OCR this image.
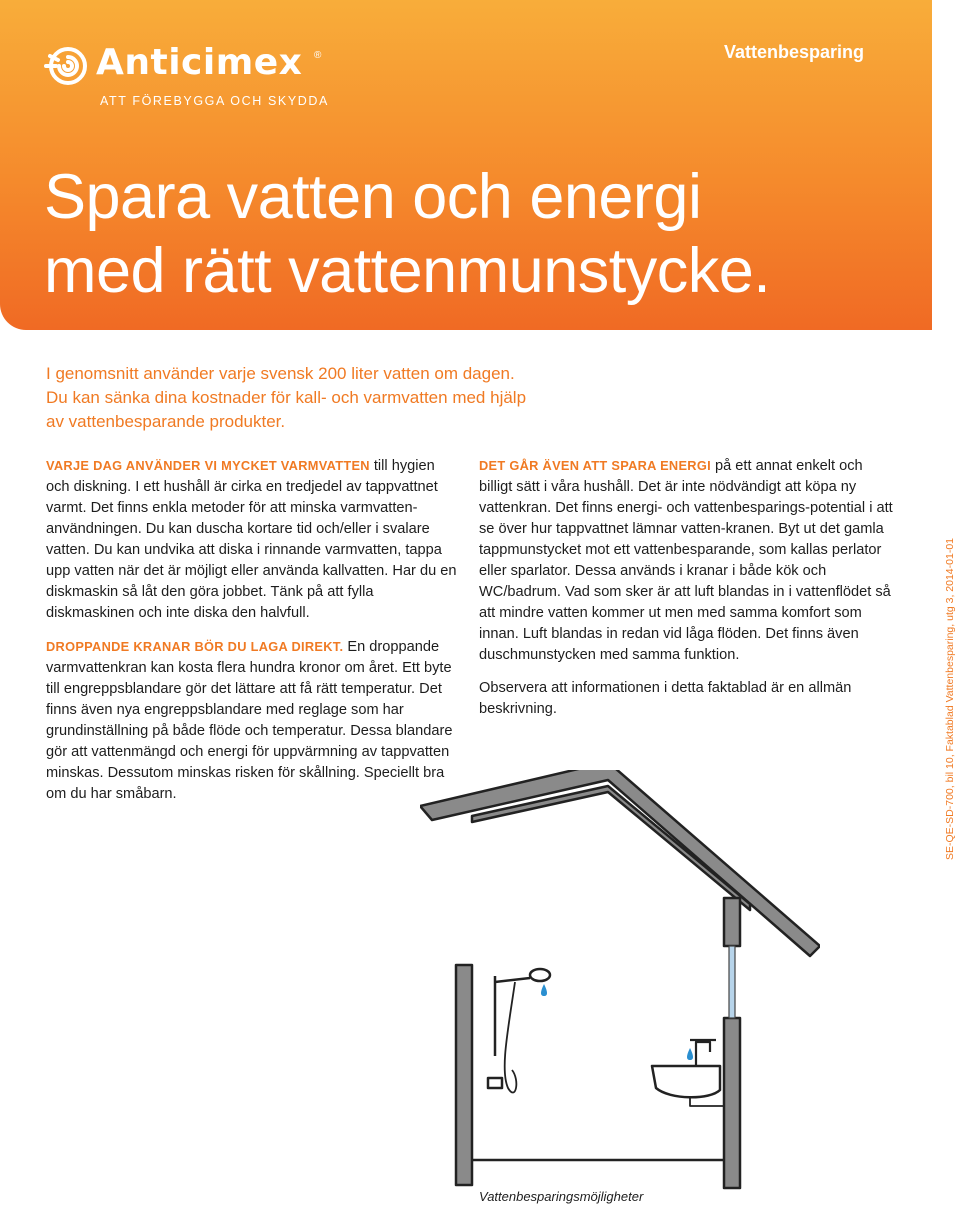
Anticimex ®
ATT FÖREBYGGA OCH SKYDDA
Vattenbesparing
Spara vatten och energi
med rätt vattenmunstycke.
I genomsnitt använder varje svensk 200 liter vatten om dagen.
Du kan sänka dina kostnader för kall- och varmvatten med hjälp
av vattenbesparande produkter.

VARJE DAG ANVÄNDER VI MYCKET VARMVATTEN till hygien och diskning. I ett hushåll är cirka en tredjedel av tappvattnet varmt. Det finns enkla metoder för att minska varmvatten-användningen. Du kan duscha kortare tid och/eller i svalare vatten. Du kan undvika att diska i rinnande varmvatten, tappa upp vatten när det är möjligt eller använda kallvatten. Har du en diskmaskin så låt den göra jobbet. Tänk på att fylla diskmaskinen och inte diska den halvfull.

DROPPANDE KRANAR BÖR DU LAGA DIREKT. En droppande varmvattenkran kan kosta flera hundra kronor om året. Ett byte till engreppsblandare gör det lättare att få rätt temperatur. Det finns även nya engreppsblandare med reglage som har grundinställning på både flöde och temperatur. Dessa blandare gör att vattenmängd och energi för uppvärmning av tappvatten minskas. Dessutom minskas risken för skållning. Speciellt bra om du har småbarn.

DET GÅR ÄVEN ATT SPARA ENERGI på ett annat enkelt och billigt sätt i våra hushåll. Det är inte nödvändigt att köpa ny vattenkran. Det finns energi- och vattenbesparings-potential i att se över hur tappvattnet lämnar vatten-kranen. Byt ut det gamla tappmunstycket mot ett vattenbesparande, som kallas perlator eller sparlator. Dessa används i kranar i både kök och WC/badrum. Vad som sker är att luft blandas in i vattenflödet så att mindre vatten kommer ut men med samma komfort som innan. Luft blandas in redan vid låga flöden. Det finns även duschmunstycken med samma funktion.

Observera att informationen i detta faktablad är en allmän beskrivning.	SE-QE-SD-700, bil 10, Faktablad Vattenbesparing, utg 3, 2014-01-01
Vattenbesparingsmöjligheter
